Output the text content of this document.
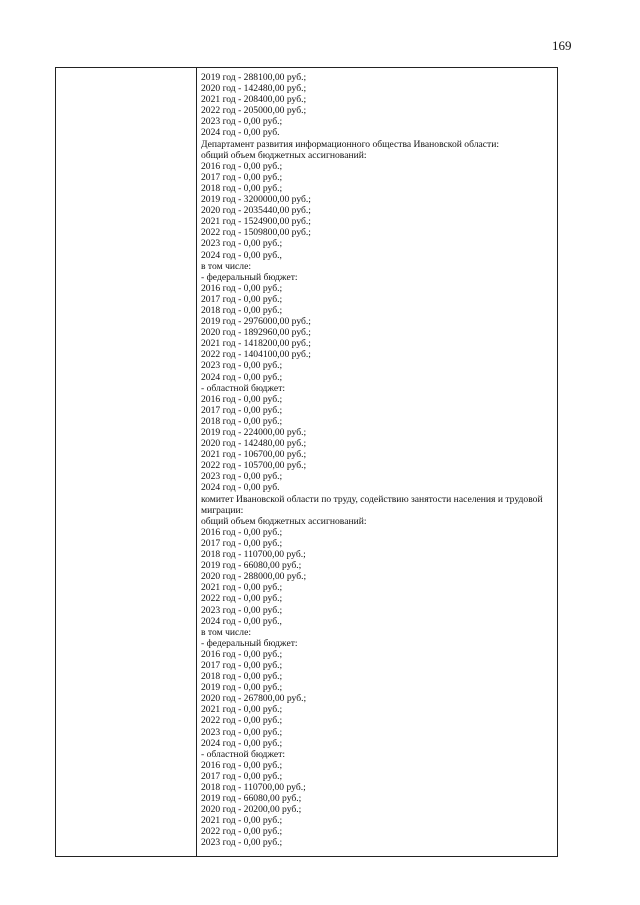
169
2019 год - 288100,00 руб.;
2020 год - 142480,00 руб.;
2021 год - 208400,00 руб.;
2022 год - 205000,00 руб.;
2023 год - 0,00 руб.;
2024 год - 0,00 руб.
Департамент развития информационного общества Ивановской области:
общий объем бюджетных ассигнований:
2016 год - 0,00 руб.;
2017 год - 0,00 руб.;
2018 год - 0,00 руб.;
2019 год - 3200000,00 руб.;
2020 год - 2035440,00 руб.;
2021 год - 1524900,00 руб.;
2022 год - 1509800,00 руб.;
2023 год - 0,00 руб.;
2024 год - 0,00 руб.,
в том числе:
- федеральный бюджет:
2016 год - 0,00 руб.;
2017 год - 0,00 руб.;
2018 год - 0,00 руб.;
2019 год - 2976000,00 руб.;
2020 год - 1892960,00 руб.;
2021 год - 1418200,00 руб.;
2022 год - 1404100,00 руб.;
2023 год - 0,00 руб.;
2024 год - 0,00 руб.;
- областной бюджет:
2016 год - 0,00 руб.;
2017 год - 0,00 руб.;
2018 год - 0,00 руб.;
2019 год - 224000,00 руб.;
2020 год - 142480,00 руб.;
2021 год - 106700,00 руб.;
2022 год - 105700,00 руб.;
2023 год - 0,00 руб.;
2024 год - 0,00 руб.
комитет Ивановской области по труду, содействию занятости населения и трудовой
миграции:
общий объем бюджетных ассигнований:
2016 год - 0,00 руб.;
2017 год - 0,00 руб.;
2018 год - 110700,00 руб.;
2019 год - 66080,00 руб.;
2020 год - 288000,00 руб.;
2021 год - 0,00 руб.;
2022 год - 0,00 руб.;
2023 год - 0,00 руб.;
2024 год - 0,00 руб.,
в том числе:
- федеральный бюджет:
2016 год - 0,00 руб.;
2017 год - 0,00 руб.;
2018 год - 0,00 руб.;
2019 год - 0,00 руб.;
2020 год - 267800,00 руб.;
2021 год - 0,00 руб.;
2022 год - 0,00 руб.;
2023 год - 0,00 руб.;
2024 год - 0,00 руб.;
- областной бюджет:
2016 год - 0,00 руб.;
2017 год - 0,00 руб.;
2018 год - 110700,00 руб.;
2019 год - 66080,00 руб.;
2020 год - 20200,00 руб.;
2021 год - 0,00 руб.;
2022 год - 0,00 руб.;
2023 год - 0,00 руб.;
